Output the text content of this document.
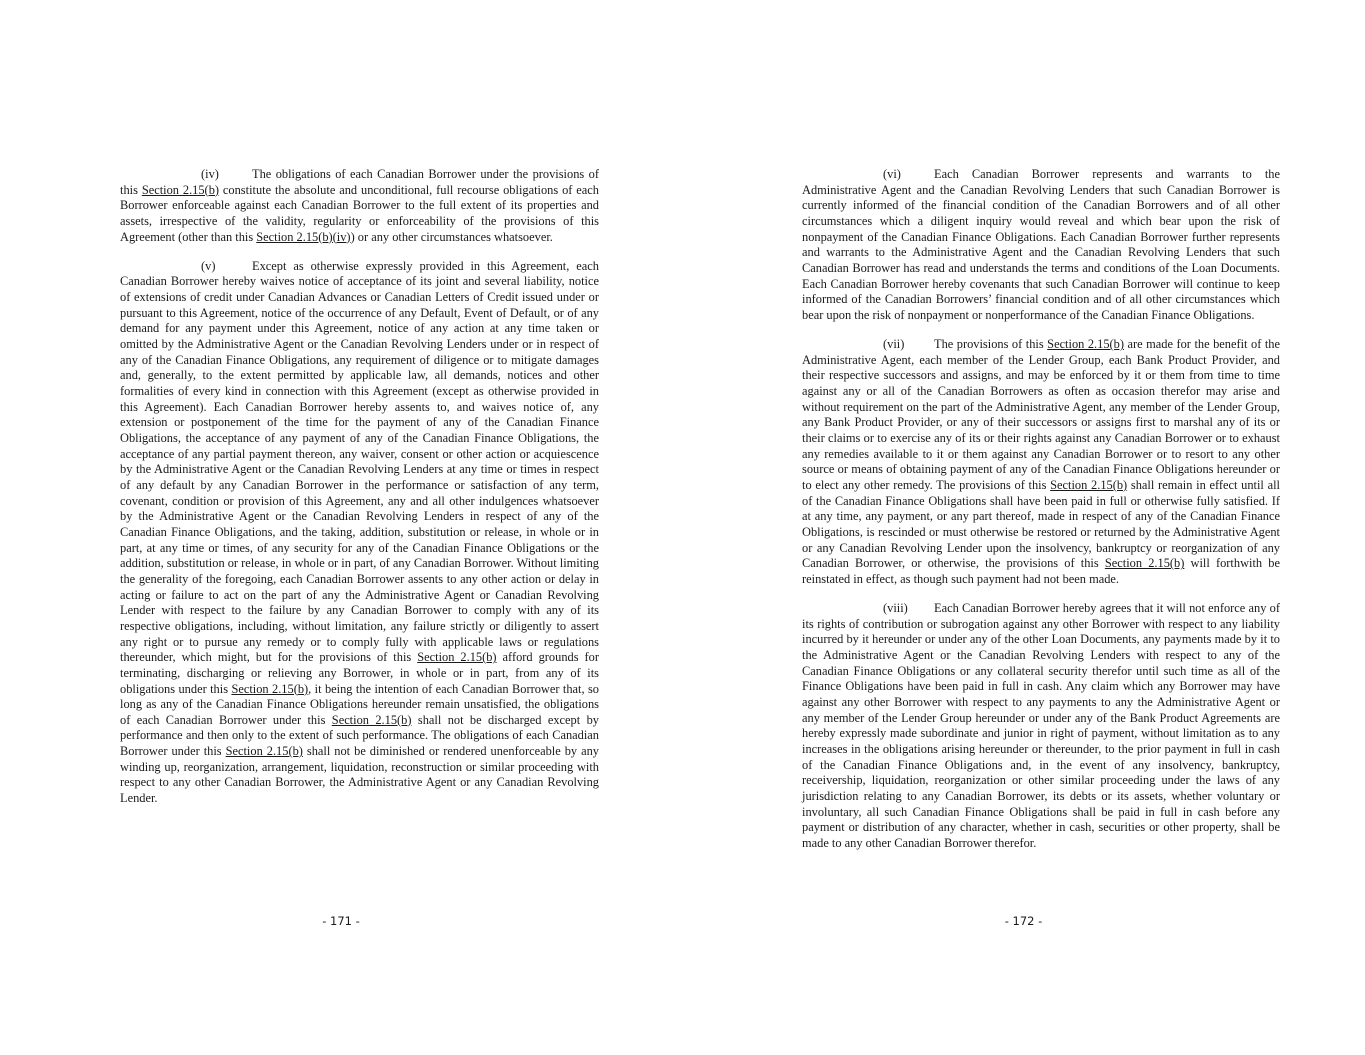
(iv)	The obligations of each Canadian Borrower under the provisions of this Section 2.15(b) constitute the absolute and unconditional, full recourse obligations of each Borrower enforceable against each Canadian Borrower to the full extent of its properties and assets, irrespective of the validity, regularity or enforceability of the provisions of this Agreement (other than this Section 2.15(b)(iv)) or any other circumstances whatsoever.

(v)	Except as otherwise expressly provided in this Agreement, each Canadian Borrower hereby waives notice of acceptance of its joint and several liability, notice of extensions of credit under Canadian Advances or Canadian Letters of Credit issued under or pursuant to this Agreement, notice of the occurrence of any Default, Event of Default, or of any demand for any payment under this Agreement, notice of any action at any time taken or omitted by the Administrative Agent or the Canadian Revolving Lenders under or in respect of any of the Canadian Finance Obligations, any requirement of diligence or to mitigate damages and, generally, to the extent permitted by applicable law, all demands, notices and other formalities of every kind in connection with this Agreement (except as otherwise provided in this Agreement). Each Canadian Borrower hereby assents to, and waives notice of, any extension or postponement of the time for the payment of any of the Canadian Finance Obligations, the acceptance of any payment of any of the Canadian Finance Obligations, the acceptance of any partial payment thereon, any waiver, consent or other action or acquiescence by the Administrative Agent or the Canadian Revolving Lenders at any time or times in respect of any default by any Canadian Borrower in the performance or satisfaction of any term, covenant, condition or provision of this Agreement, any and all other indulgences whatsoever by the Administrative Agent or the Canadian Revolving Lenders in respect of any of the Canadian Finance Obligations, and the taking, addition, substitution or release, in whole or in part, at any time or times, of any security for any of the Canadian Finance Obligations or the addition, substitution or release, in whole or in part, of any Canadian Borrower. Without limiting the generality of the foregoing, each Canadian Borrower assents to any other action or delay in acting or failure to act on the part of any the Administrative Agent or Canadian Revolving Lender with respect to the failure by any Canadian Borrower to comply with any of its respective obligations, including, without limitation, any failure strictly or diligently to assert any right or to pursue any remedy or to comply fully with applicable laws or regulations thereunder, which might, but for the provisions of this Section 2.15(b) afford grounds for terminating, discharging or relieving any Borrower, in whole or in part, from any of its obligations under this Section 2.15(b), it being the intention of each Canadian Borrower that, so long as any of the Canadian Finance Obligations hereunder remain unsatisfied, the obligations of each Canadian Borrower under this Section 2.15(b) shall not be discharged except by performance and then only to the extent of such performance. The obligations of each Canadian Borrower under this Section 2.15(b) shall not be diminished or rendered unenforceable by any winding up, reorganization, arrangement, liquidation, reconstruction or similar proceeding with respect to any other Canadian Borrower, the Administrative Agent or any Canadian Revolving Lender.

- 171 -

(vi)	Each Canadian Borrower represents and warrants to the Administrative Agent and the Canadian Revolving Lenders that such Canadian Borrower is currently informed of the financial condition of the Canadian Borrowers and of all other circumstances which a diligent inquiry would reveal and which bear upon the risk of nonpayment of the Canadian Finance Obligations. Each Canadian Borrower further represents and warrants to the Administrative Agent and the Canadian Revolving Lenders that such Canadian Borrower has read and understands the terms and conditions of the Loan Documents. Each Canadian Borrower hereby covenants that such Canadian Borrower will continue to keep informed of the Canadian Borrowers’ financial condition and of all other circumstances which bear upon the risk of nonpayment or nonperformance of the Canadian Finance Obligations.

(vii) The provisions of this Section 2.15(b) are made for the benefit of the Administrative Agent, each member of the Lender Group, each Bank Product Provider, and their respective successors and assigns, and may be enforced by it or them from time to time against any or all of the Canadian Borrowers as often as occasion therefor may arise and without requirement on the part of the Administrative Agent, any member of the Lender Group, any Bank Product Provider, or any of their successors or assigns first to marshal any of its or their claims or to exercise any of its or their rights against any Canadian Borrower or to exhaust any remedies available to it or them against any Canadian Borrower or to resort to any other source or means of obtaining payment of any of the Canadian Finance Obligations hereunder or to elect any other remedy. The provisions of this Section 2.15(b) shall remain in effect until all of the Canadian Finance Obligations shall have been paid in full or otherwise fully satisfied. If at any time, any payment, or any part thereof, made in respect of any of the Canadian Finance Obligations, is rescinded or must otherwise be restored or returned by the Administrative Agent or any Canadian Revolving Lender upon the insolvency, bankruptcy or reorganization of any Canadian Borrower, or otherwise, the provisions of this Section 2.15(b) will forthwith be reinstated in effect, as though such payment had not been made.

(viii) Each Canadian Borrower hereby agrees that it will not enforce any of its rights of contribution or subrogation against any other Borrower with respect to any liability incurred by it hereunder or under any of the other Loan Documents, any payments made by it to the Administrative Agent or the Canadian Revolving Lenders with respect to any of the Canadian Finance Obligations or any collateral security therefor until such time as all of the Finance Obligations have been paid in full in cash. Any claim which any Borrower may have against any other Borrower with respect to any payments to any the Administrative Agent or any member of the Lender Group hereunder or under any of the Bank Product Agreements are hereby expressly made subordinate and junior in right of payment, without limitation as to any increases in the obligations arising hereunder or thereunder, to the prior payment in full in cash of the Canadian Finance Obligations and, in the event of any insolvency, bankruptcy, receivership, liquidation, reorganization or other similar proceeding under the laws of any jurisdiction relating to any Canadian Borrower, its debts or its assets, whether voluntary or involuntary, all such Canadian Finance Obligations shall be paid in full in cash before any payment or distribution of any character, whether in cash, securities or other property, shall be made to any other Canadian Borrower therefor.

- 172 -
